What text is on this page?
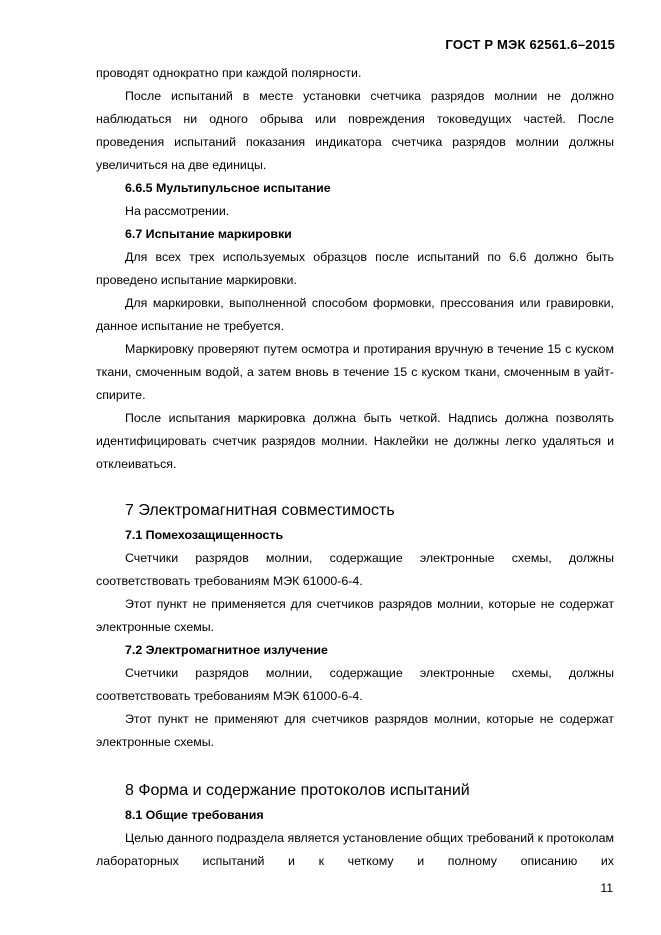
ГОСТ Р МЭК 62561.6–2015

проводят однократно при каждой полярности.

После испытаний в месте установки счетчика разрядов молнии не должно наблюдаться ни одного обрыва или повреждения токоведущих частей. После проведения испытаний показания индикатора счетчика разрядов молнии должны увеличиться на две единицы.

6.6.5 Мультипульсное испытание

На рассмотрении.

6.7 Испытание маркировки

Для всех трех используемых образцов после испытаний по 6.6 должно быть проведено испытание маркировки.

Для маркировки, выполненной способом формовки, прессования или гравировки, данное испытание не требуется.

Маркировку проверяют путем осмотра и протирания вручную в течение 15 с куском ткани, смоченным водой, а затем вновь в течение 15 с куском ткани, смоченным в уайт-спирите.

После испытания маркировка должна быть четкой. Надпись должна позволять идентифицировать счетчик разрядов молнии. Наклейки не должны легко удаляться и отклеиваться.

7 Электромагнитная совместимость

7.1 Помехозащищенность

Счетчики разрядов молнии, содержащие электронные схемы, должны соответствовать требованиям МЭК 61000-6-4.

Этот пункт не применяется для счетчиков разрядов молнии, которые не содержат электронные схемы.

7.2 Электромагнитное излучение

Счетчики разрядов молнии, содержащие электронные схемы, должны соответствовать требованиям МЭК 61000-6-4.

Этот пункт не применяют для счетчиков разрядов молнии, которые не содержат электронные схемы.

8 Форма и содержание протоколов испытаний

8.1 Общие требования

Целью данного подраздела является установление общих требований к протоколам лабораторных испытаний и к четкому и полному описанию их

11
